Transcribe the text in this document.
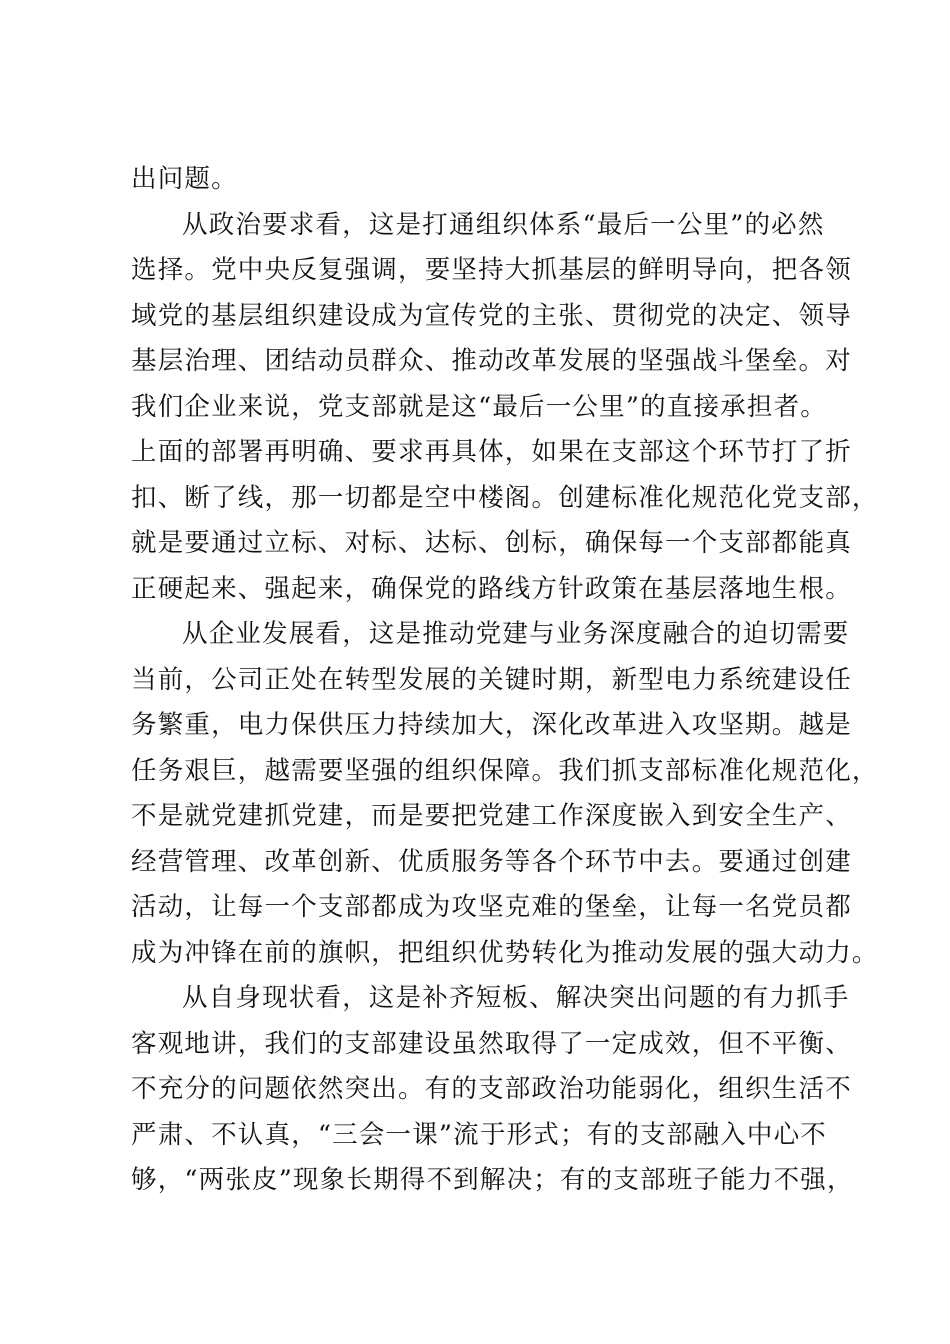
出问题。
从政治要求看，这是打通组织体系“最后一公里”的必然
选择。党中央反复强调，要坚持大抓基层的鲜明导向，把各领
域党的基层组织建设成为宣传党的主张、贯彻党的决定、领导
基层治理、团结动员群众、推动改革发展的坚强战斗堡垒。对
我们企业来说，党支部就是这“最后一公里”的直接承担者。
上面的部署再明确、要求再具体，如果在支部这个环节打了折
扣、断了线，那一切都是空中楼阁。创建标准化规范化党支部，
就是要通过立标、对标、达标、创标，确保每一个支部都能真
正硬起来、强起来，确保党的路线方针政策在基层落地生根。
从企业发展看，这是推动党建与业务深度融合的迫切需要
当前，公司正处在转型发展的关键时期，新型电力系统建设任
务繁重，电力保供压力持续加大，深化改革进入攻坚期。越是
任务艰巨，越需要坚强的组织保障。我们抓支部标准化规范化，
不是就党建抓党建，而是要把党建工作深度嵌入到安全生产、
经营管理、改革创新、优质服务等各个环节中去。要通过创建
活动，让每一个支部都成为攻坚克难的堡垒，让每一名党员都
成为冲锋在前的旗帜，把组织优势转化为推动发展的强大动力。
从自身现状看，这是补齐短板、解决突出问题的有力抓手
客观地讲，我们的支部建设虽然取得了一定成效，但不平衡、
不充分的问题依然突出。有的支部政治功能弱化，组织生活不
严肃、不认真，“三会一课”流于形式；有的支部融入中心不
够，“两张皮”现象长期得不到解决；有的支部班子能力不强，
